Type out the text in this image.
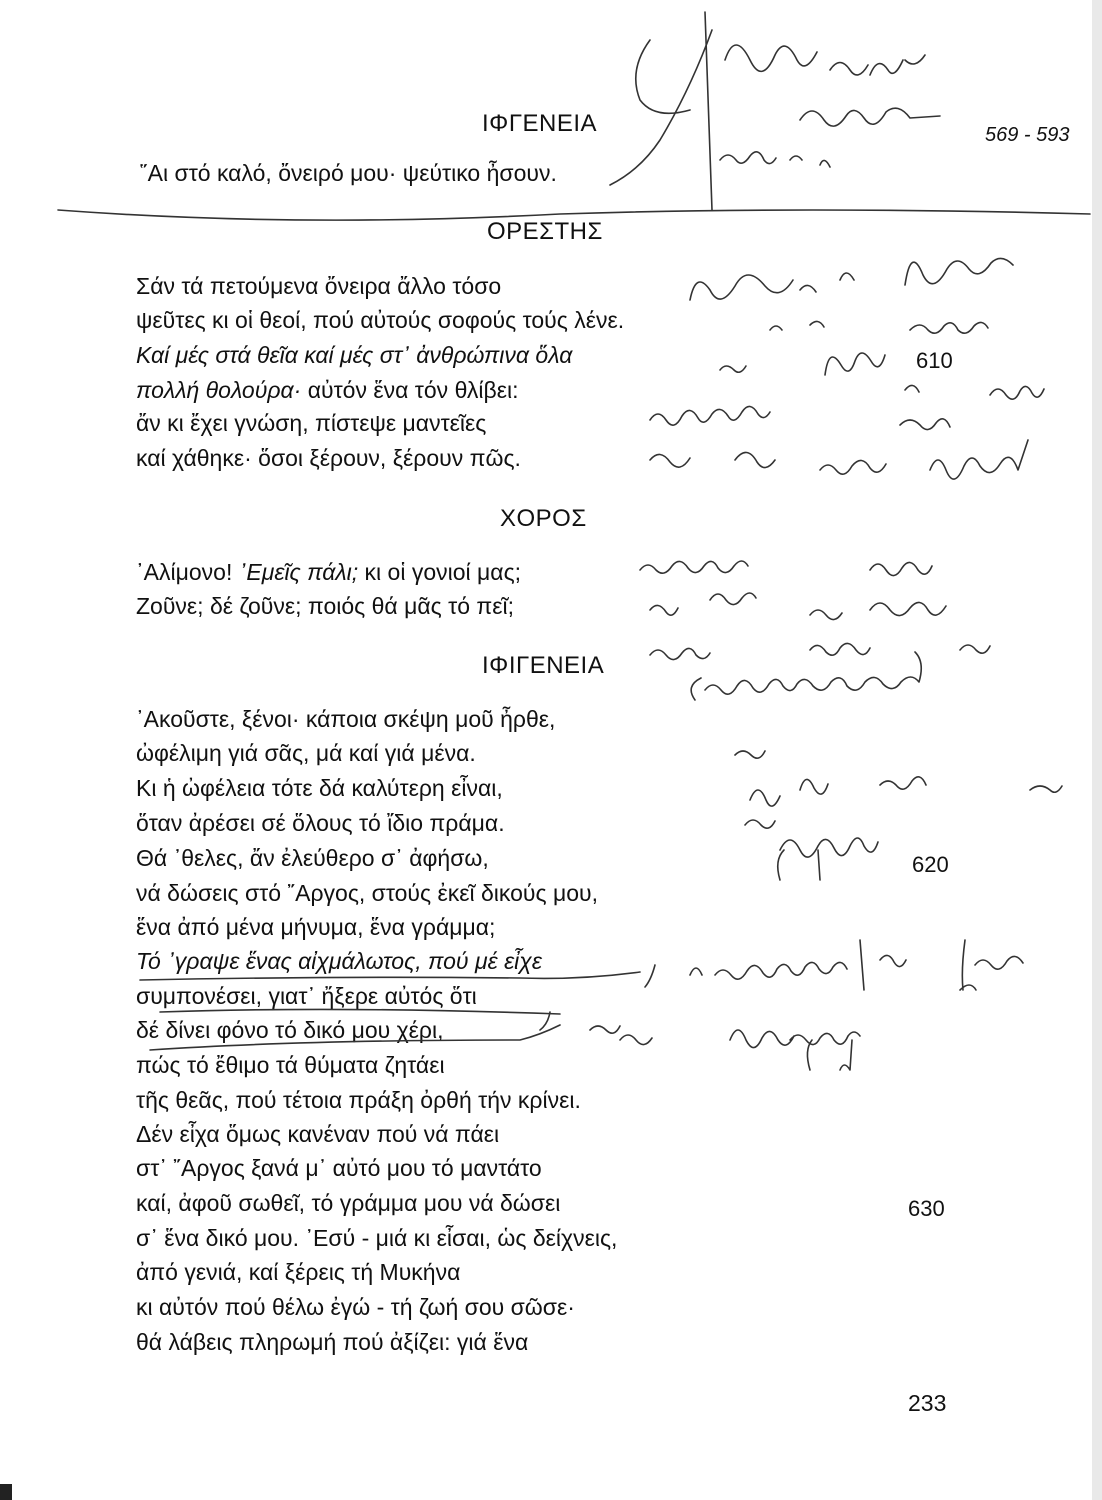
569 - 593
ΙΦΓΕΝΕΙΑ
῞Αι στό καλό, ὄνειρό μου· ψεύτικο ἦσουν.
ΟΡΕΣΤΗΣ
Σάν τά πετούμενα ὄνειρα ἄλλο τόσο
ψεῦτες κι οἱ θεοί, πού αὐτούς σοφούς τούς λένε.
Καί μές στά θεῖα καί μές στ᾽ ἀνθρώπινα ὅλα
πολλή θολούρα· αὐτόν ἕνα τόν θλίβει:
ἄν κι ἔχει γνώση, πίστεψε μαντεῖες
καί χάθηκε· ὅσοι ξέρουν, ξέρουν πῶς.
610
ΧΟΡΟΣ
᾽Αλίμονο! ᾽Εμεῖς πάλι; κι οἱ γονιοί μας;
Ζοῦνε; δέ ζοῦνε; ποιός θά μᾶς τό πεῖ;
ΙΦΙΓΕΝΕΙΑ
᾽Ακοῦστε, ξένοι· κάποια σκέψη μοῦ ἦρθε,
ὠφέλιμη γιά σᾶς, μά καί γιά μένα.
Κι ἡ ὠφέλεια τότε δά καλύτερη εἶναι,
ὅταν ἀρέσει σέ ὅλους τό ἴδιο πράμα.
Θά ᾽θελες, ἄν ἐλεύθερο σ᾽ ἀφήσω,
νά δώσεις στό ῎Αργος, στούς ἐκεῖ δικούς μου,
ἕνα ἀπό μένα μήνυμα, ἕνα γράμμα;
Τό ᾽γραψε ἕνας αἰχμάλωτος, πού μέ εἶχε
συμπονέσει, γιατ᾽ ἤξερε αὐτός ὅτι
δέ δίνει φόνο τό δικό μου χέρι,
πώς τό ἔθιμο τά θύματα ζητάει
τῆς θεᾶς, πού τέτοια πράξη ὀρθή τήν κρίνει.
Δέν εἶχα ὅμως κανέναν πού νά πάει
στ᾽ ῎Αργος ξανά μ᾽ αὐτό μου τό μαντάτο
καί, ἀφοῦ σωθεῖ, τό γράμμα μου νά δώσει
σ᾽ ἕνα δικό μου. ᾽Εσύ - μιά κι εἶσαι, ὡς δείχνεις,
ἀπό γενιά, καί ξέρεις τή Μυκήνα
κι αὐτόν πού θέλω ἐγώ - τή ζωή σου σῶσε·
θά λάβεις πληρωμή πού ἀξίζει: γιά ἕνα
620
630
233
